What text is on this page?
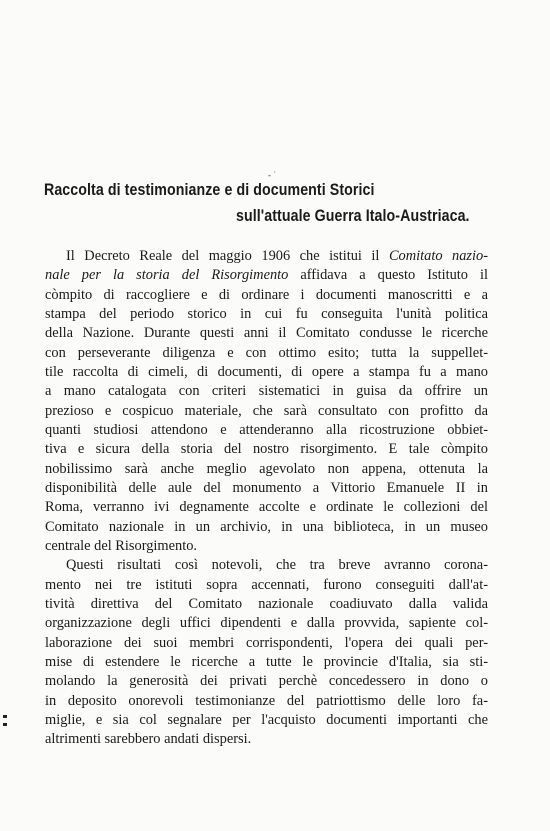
- ˙
Raccolta di testimonianze e di documenti Storici
sull'attuale Guerra Italo-Austriaca.
Il Decreto Reale del maggio 1906 che istitui il Comitato nazio-
nale per la storia del Risorgimento affidava a questo Istituto il
còmpito di raccogliere e di ordinare i documenti manoscritti e a
stampa del periodo storico in cui fu conseguita l'unità politica
della Nazione. Durante questi anni il Comitato condusse le ricerche
con perseverante diligenza e con ottimo esito; tutta la suppellet-
tile raccolta di cimeli, di documenti, di opere a stampa fu a mano
a mano catalogata con criteri sistematici in guisa da offrire un
prezioso e cospicuo materiale, che sarà consultato con profitto da
quanti studiosi attendono e attenderanno alla ricostruzione obbiet-
tiva e sicura della storia del nostro risorgimento. E tale còmpito
nobilissimo sarà anche meglio agevolato non appena, ottenuta la
disponibilità delle aule del monumento a Vittorio Emanuele II in
Roma, verranno ivi degnamente accolte e ordinate le collezioni del
Comitato nazionale in un archivio, in una biblioteca, in un museo
centrale del Risorgimento.
Questi risultati così notevoli, che tra breve avranno corona-
mento nei tre istituti sopra accennati, furono conseguiti dall'at-
tività direttiva del Comitato nazionale coadiuvato dalla valida
organizzazione degli uffici dipendenti e dalla provvida, sapiente col-
laborazione dei suoi membri corrispondenti, l'opera dei quali per-
mise di estendere le ricerche a tutte le provincie d'Italia, sia sti-
molando la generosità dei privati perchè concedessero in dono o
in deposito onorevoli testimonianze del patriottismo delle loro fa-
miglie, e sia col segnalare per l'acquisto documenti importanti che
altrimenti sarebbero andati dispersi.
